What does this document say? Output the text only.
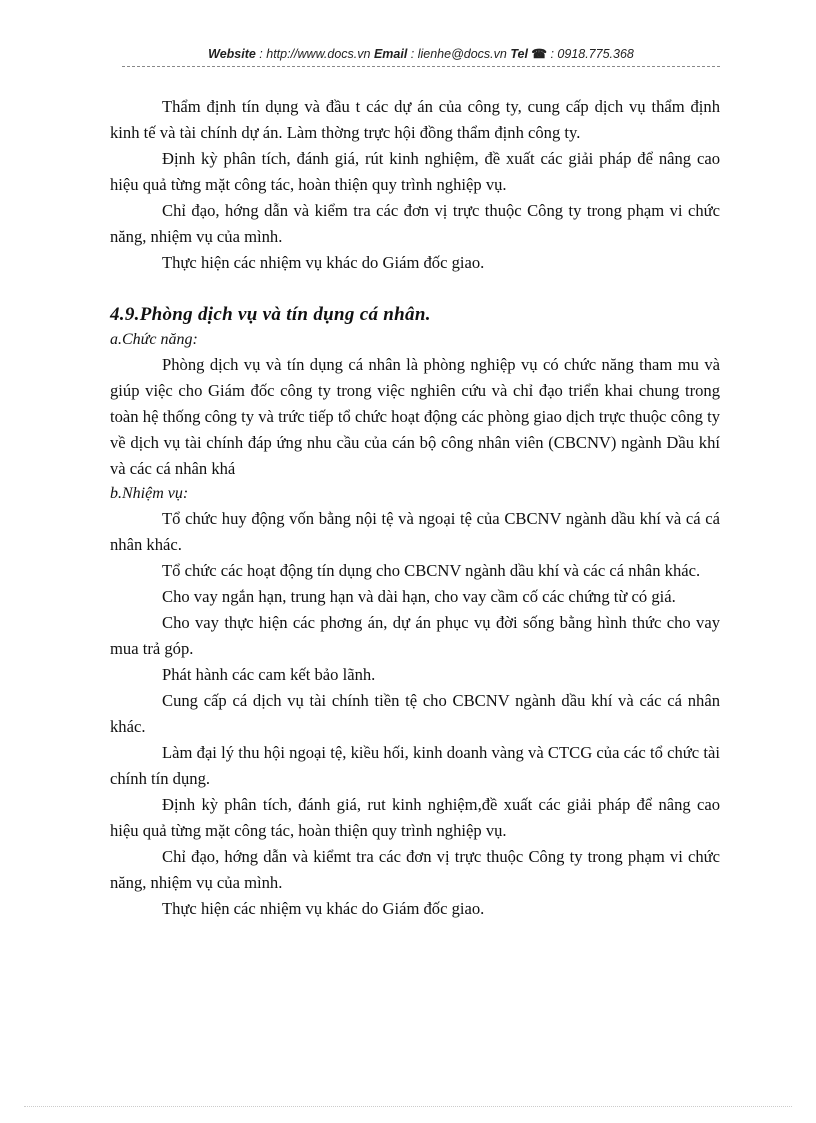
Website : http://www.docs.vn Email : lienhe@docs.vn Tel ☎ : 0918.775.368

Thẩm định tín dụng và đầu t các dự án của công ty, cung cấp dịch vụ thẩm định kinh tế và tài chính dự án. Làm thờng trực hội đồng thẩm định công ty.

Định kỳ phân tích, đánh giá, rút kinh nghiệm, đề xuất các giải pháp để nâng cao hiệu quả từng mặt công tác, hoàn thiện quy trình nghiệp vụ.

Chỉ đạo, hớng dẫn và kiểm tra các đơn vị trực thuộc Công ty trong phạm vi chức năng, nhiệm vụ của mình.

Thực hiện các nhiệm vụ khác do Giám đốc giao.

4.9.Phòng dịch vụ và tín dụng cá nhân.

a.Chức năng:

Phòng dịch vụ và tín dụng cá nhân là phòng nghiệp vụ có chức năng tham mu và giúp việc cho Giám đốc công ty trong việc nghiên cứu và chỉ đạo triển khai chung trong toàn hệ thống công ty và trức tiếp tổ chức hoạt động các phòng giao dịch trực thuộc công ty về dịch vụ tài chính đáp ứng nhu cầu của cán bộ công nhân viên (CBCNV) ngành Dầu khí và các cá nhân khá

b.Nhiệm vụ:

Tổ chức huy động vốn bằng nội tệ và ngoại tệ của CBCNV ngành dầu khí và cá cá nhân khác.

Tổ chức các hoạt động tín dụng cho CBCNV ngành dầu khí và các cá nhân khác.

Cho vay ngắn hạn, trung hạn và dài hạn, cho vay cầm cố các chứng từ có giá.

Cho vay thực hiện các phơng án, dự án phục vụ đời sống bằng hình thức cho vay mua trả góp.

Phát hành các cam kết bảo lãnh.

Cung cấp cá dịch vụ tài chính tiền tệ cho CBCNV ngành dầu khí và các cá nhân khác.

Làm đại lý thu hội ngoại tệ, kiều hối, kinh doanh vàng và CTCG của các tổ chức tài chính tín dụng.

Định kỳ phân tích, đánh giá, rut kinh nghiệm,đề xuất các giải pháp để nâng cao hiệu quả từng mặt công tác, hoàn thiện quy trình nghiệp vụ.

Chỉ đạo, hớng dẫn và kiểmt tra các đơn vị trực thuộc Công ty trong phạm vi chức năng, nhiệm vụ của mình.

Thực hiện các nhiệm vụ khác do Giám đốc giao.
